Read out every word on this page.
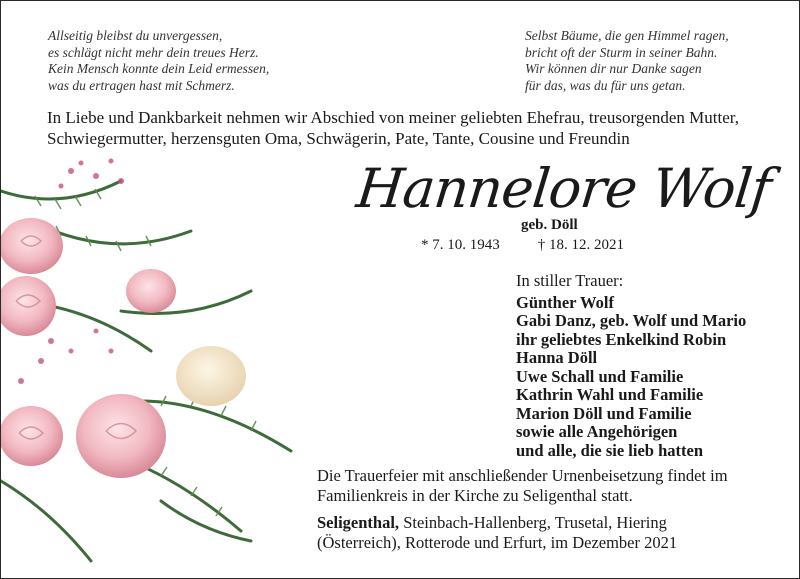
Allseitig bleibst du unvergessen,
es schlägt nicht mehr dein treues Herz.
Kein Mensch konnte dein Leid ermessen,
was du ertragen hast mit Schmerz.
Selbst Bäume, die gen Himmel ragen,
bricht oft der Sturm in seiner Bahn.
Wir können dir nur Danke sagen
für das, was du für uns getan.
In Liebe und Dankbarkeit nehmen wir Abschied von meiner geliebten Ehefrau, treusorgenden Mutter,
Schwiegermutter, herzensguten Oma, Schwägerin, Pate, Tante, Cousine und Freundin
Hannelore Wolf
geb. Döll
* 7. 10. 1943	† 18. 12. 2021
In stiller Trauer:
Günther Wolf
Gabi Danz, geb. Wolf und Mario
ihr geliebtes Enkelkind Robin
Hanna Döll
Uwe Schall und Familie
Kathrin Wahl und Familie
Marion Döll und Familie
sowie alle Angehörigen
und alle, die sie lieb hatten
Die Trauerfeier mit anschließender Urnenbeisetzung findet im
Familienkreis in der Kirche zu Seligenthal statt.
Seligenthal, Steinbach-Hallenberg, Trusetal, Hiering
(Österreich), Rotterode und Erfurt, im Dezember 2021
